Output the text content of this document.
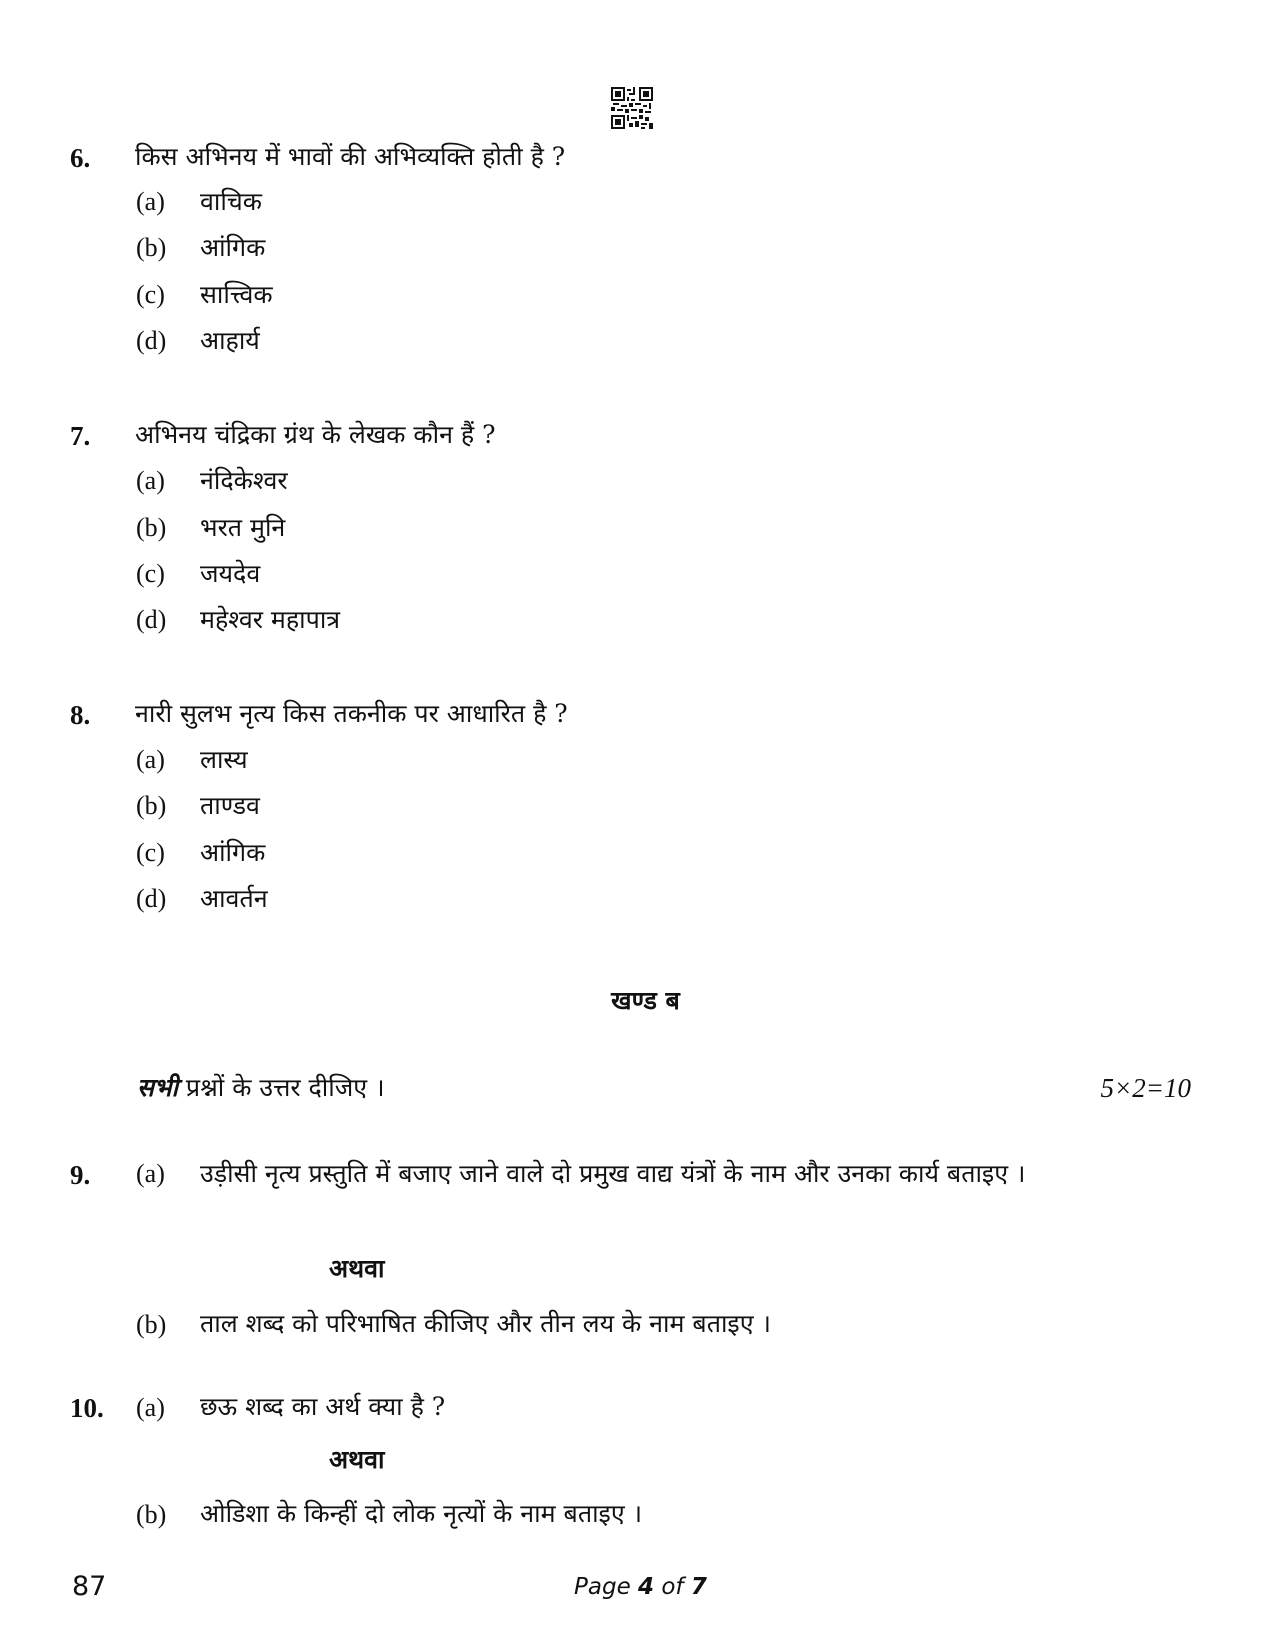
6. किस अभिनय में भावों की अभिव्यक्ति होती है ?
(a) वाचिक
(b) आंगिक
(c) सात्त्विक
(d) आहार्य
7. अभिनय चंद्रिका ग्रंथ के लेखक कौन हैं ?
(a) नंदिकेश्वर
(b) भरत मुनि
(c) जयदेव
(d) महेश्वर महापात्र
8. नारी सुलभ नृत्य किस तकनीक पर आधारित है ?
(a) लास्य
(b) ताण्डव
(c) आंगिक
(d) आवर्तन
खण्ड ब
सभी प्रश्नों के उत्तर दीजिए ।	5×2=10
9. (a) उड़ीसी नृत्य प्रस्तुति में बजाए जाने वाले दो प्रमुख वाद्य यंत्रों के नाम और उनका कार्य बताइए ।
अथवा
(b) ताल शब्द को परिभाषित कीजिए और तीन लय के नाम बताइए ।
10. (a) छऊ शब्द का अर्थ क्या है ?
अथवा
(b) ओडिशा के किन्हीं दो लोक नृत्यों के नाम बताइए ।
87	Page 4 of 7
